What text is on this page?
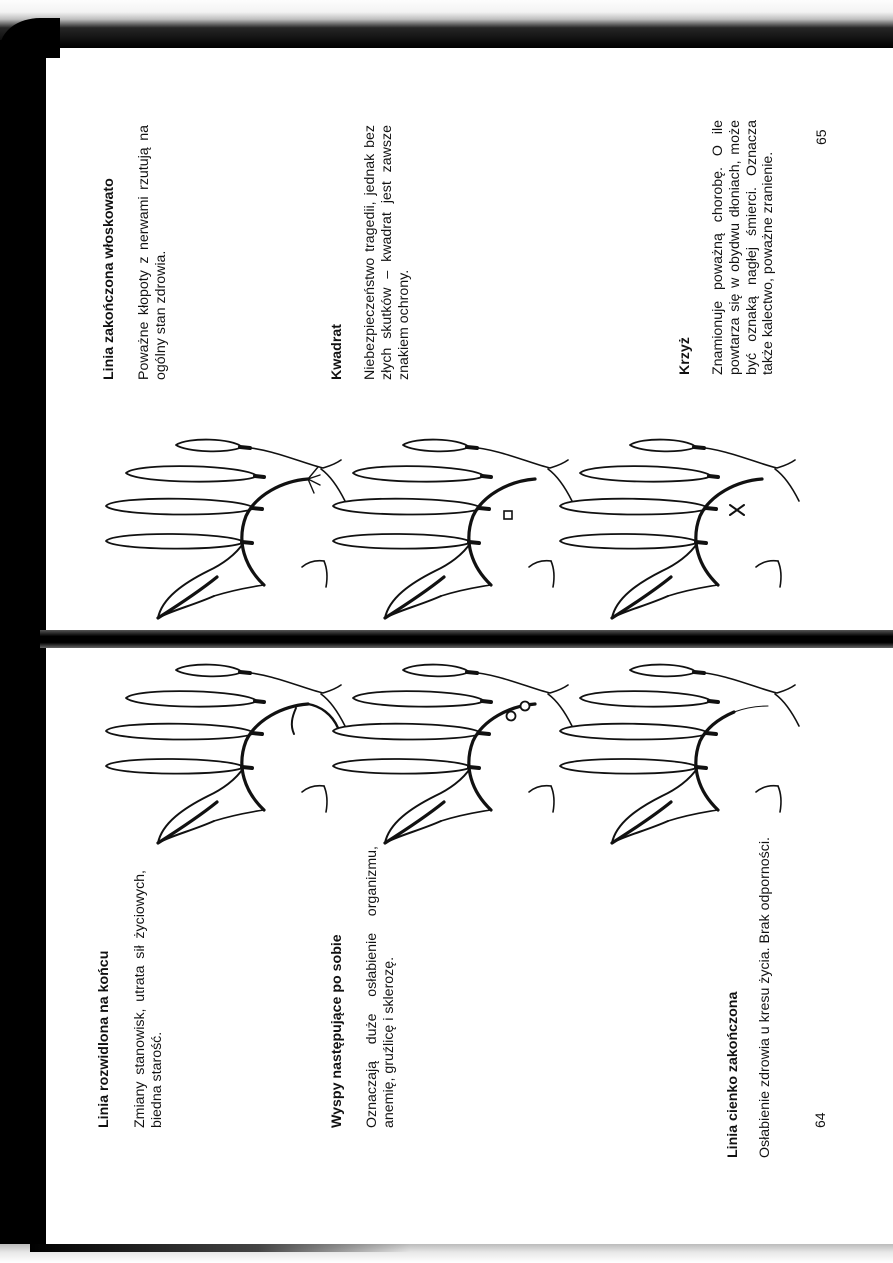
Linia rozwidlona na końcu Zmiany stanowisk, utrata sił życiowych, biedna starość.	Wyspy następujące po sobie Oznaczają duże osłabienie organizmu, anemię, gruźlicę i sklerozę.	Linia cienko zakończona Osłabienie zdrowia u kresu życia. Brak odporności.	64
Linia zakończona włoskowato Poważne kłopoty z nerwami rzutują na ogólny stan zdrowia.	Kwadrat Niebezpieczeństwo tragedii, jednak bez złych skutków – kwadrat jest zawsze znakiem ochrony.	Krzyż Znamionuje poważną chorobę. O ile powtarza się w obydwu dłoniach, może być oznaką nagłej śmierci. Oznacza także kalectwo, poważne zranienie.
65
